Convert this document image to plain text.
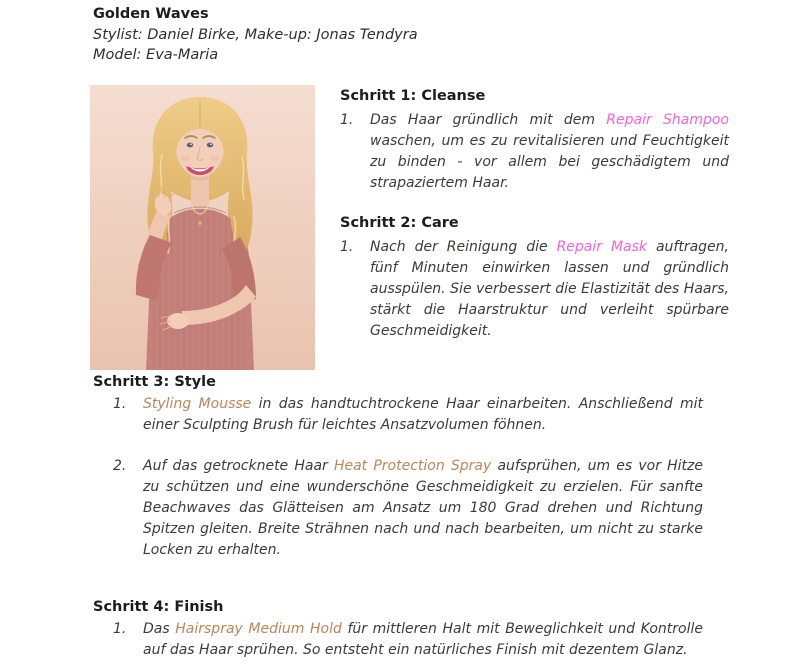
Golden Waves
Stylist: Daniel Birke, Make-up: Jonas Tendyra
Model: Eva-Maria
Schritt 1: Cleanse
1.	Das Haar gründlich mit dem Repair Shampoo waschen, um es zu revitalisieren und Feuchtigkeit zu binden - vor allem bei geschädigtem und strapaziertem Haar.

Schritt 2: Care
1.	Nach der Reinigung die Repair Mask auftragen, fünf Minuten einwirken lassen und gründlich ausspülen. Sie verbessert die Elastizität des Haars, stärkt die Haarstruktur und verleiht spürbare Geschmeidigkeit.

Schritt 3: Style
1.	Styling Mousse in das handtuchtrockene Haar einarbeiten. Anschließend mit einer Sculpting Brush für leichtes Ansatzvolumen föhnen.

2.	Auf das getrocknete Haar Heat Protection Spray aufsprühen, um es vor Hitze zu schützen und eine wunderschöne Geschmeidigkeit zu erzielen. Für sanfte Beachwaves das Glätteisen am Ansatz um 180 Grad drehen und Richtung Spitzen gleiten. Breite Strähnen nach und nach bearbeiten, um nicht zu starke Locken zu erhalten.

Schritt 4: Finish
1.	Das Hairspray Medium Hold für mittleren Halt mit Beweglichkeit und Kontrolle auf das Haar sprühen. So entsteht ein natürliches Finish mit dezentem Glanz.
